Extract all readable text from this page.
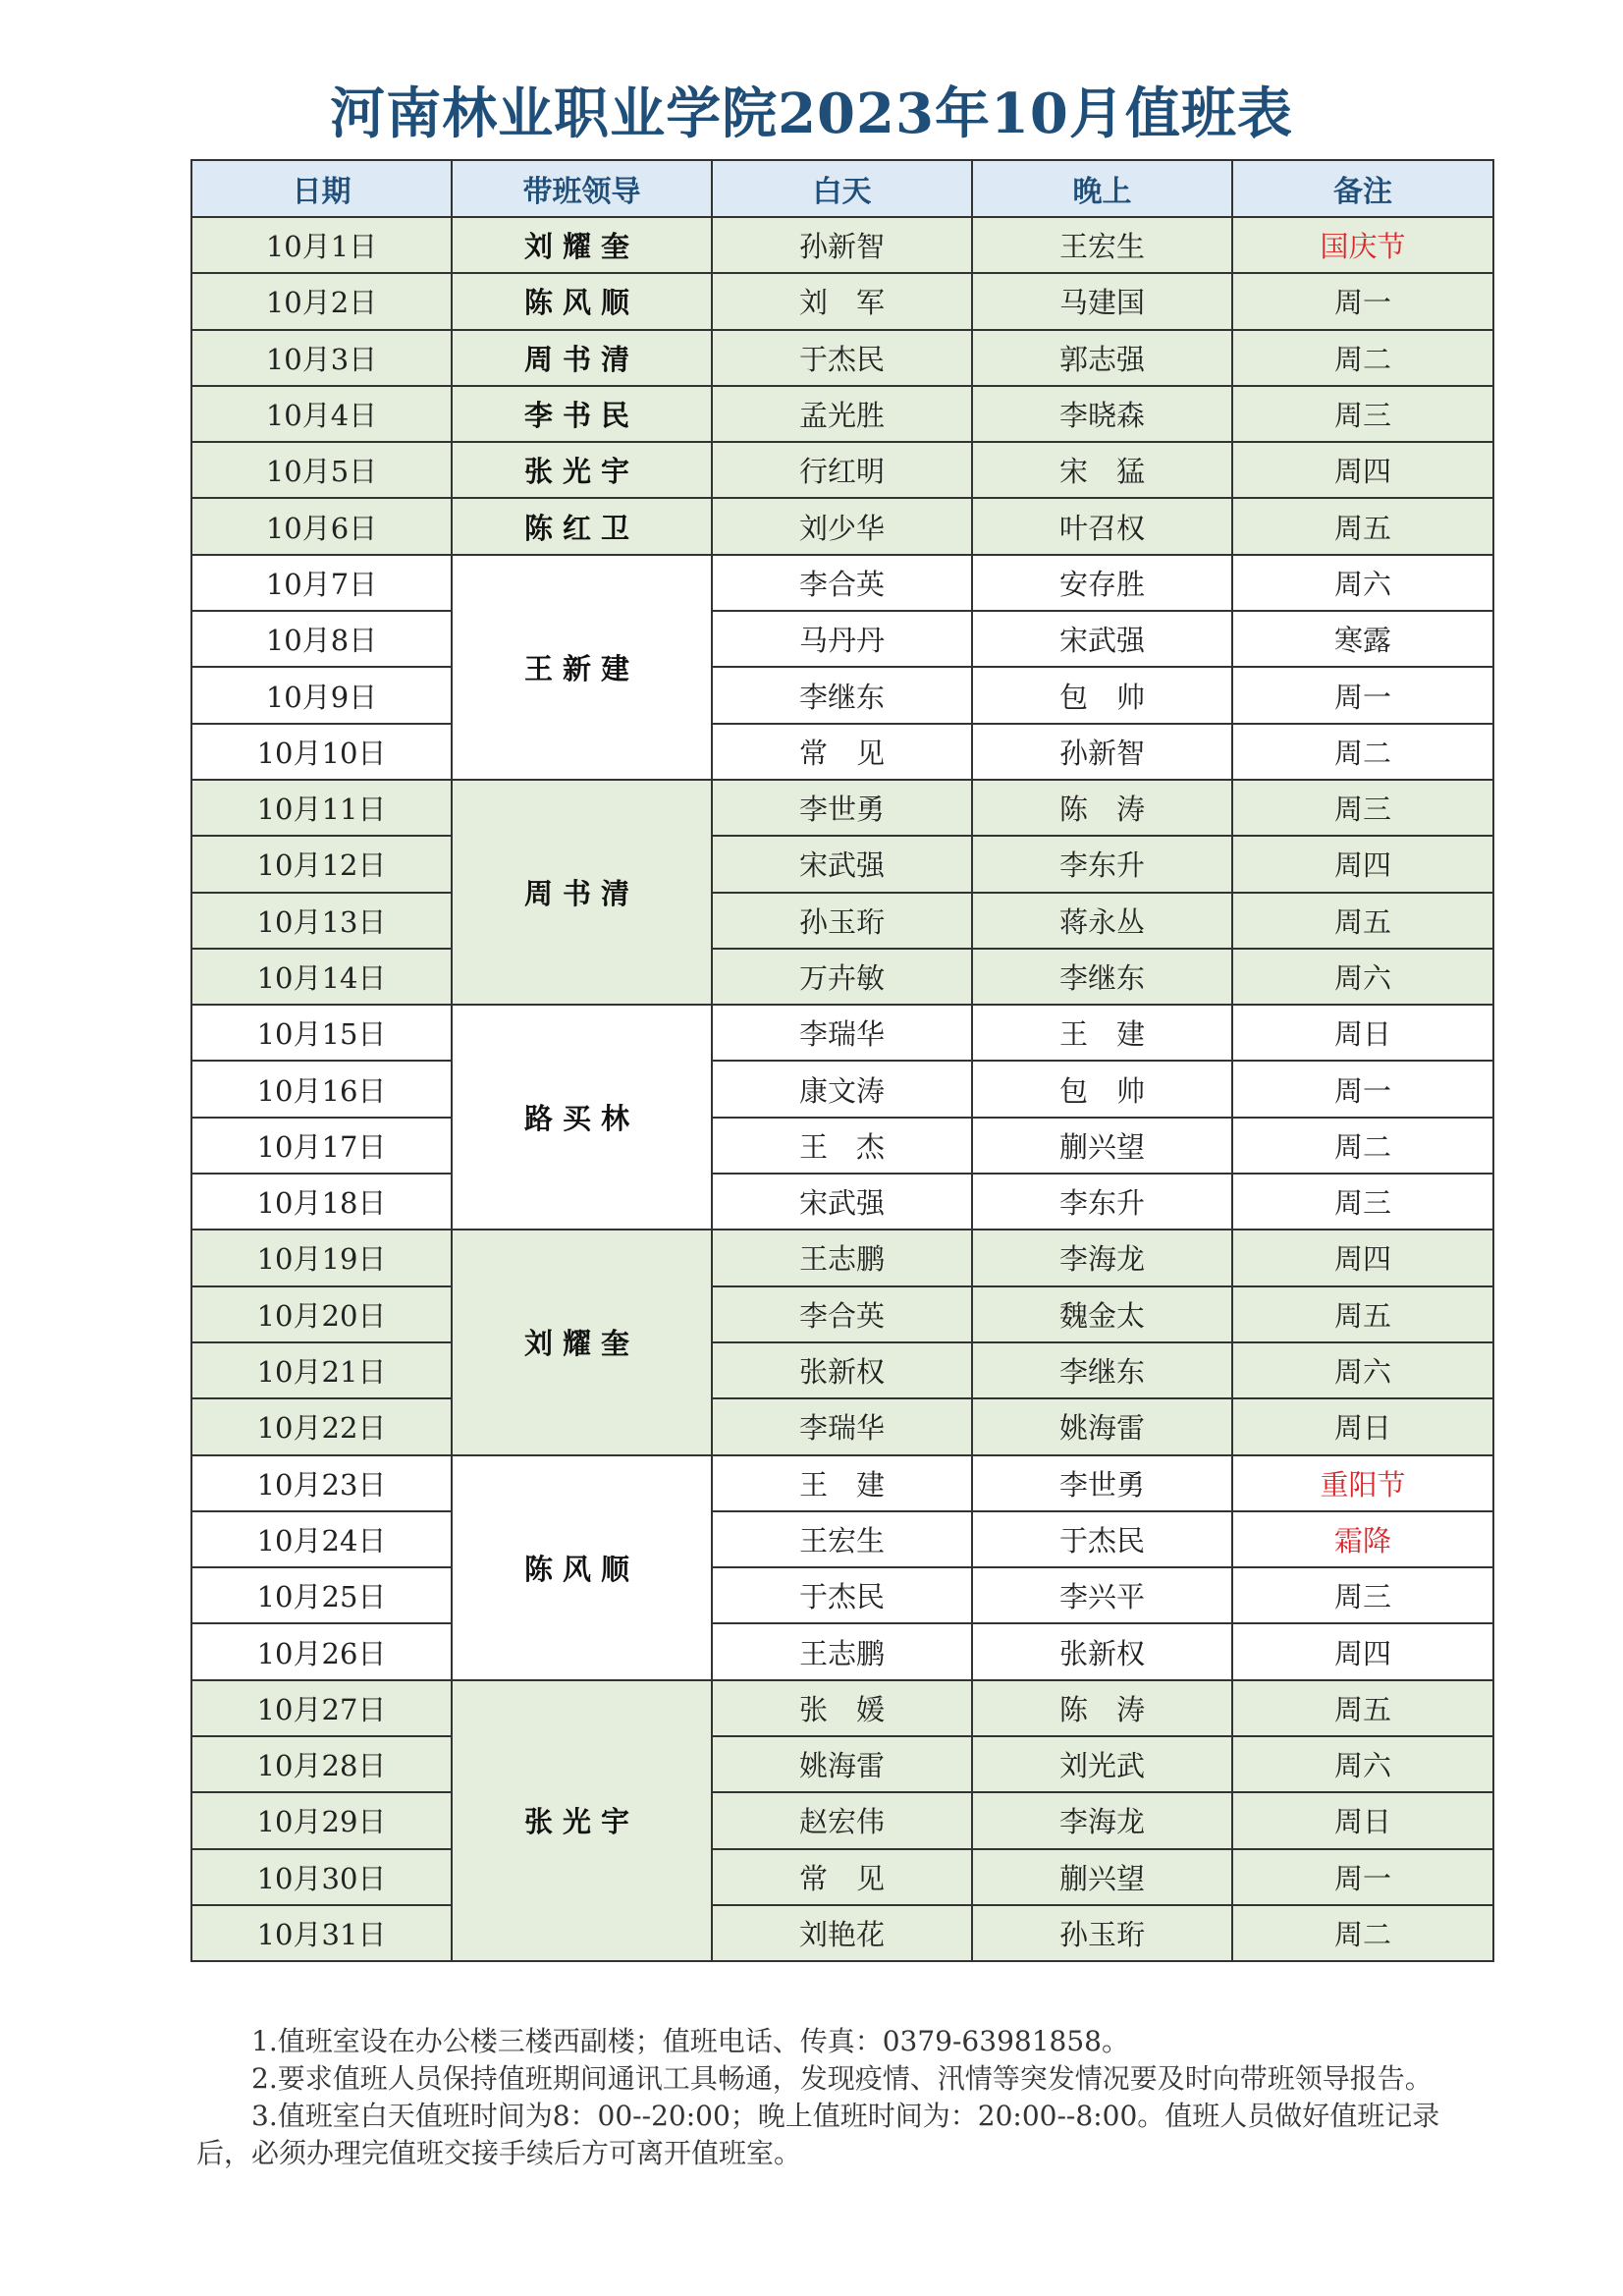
河南林业职业学院2023年10月值班表
日期	带班领导	白天	晚上	备注
10月1日	刘耀奎	孙新智	王宏生	国庆节
10月2日	陈风顺	刘　军	马建国	周一
10月3日	周书清	于杰民	郭志强	周二
10月4日	李书民	孟光胜	李晓森	周三
10月5日	张光宇	行红明	宋　猛	周四
10月6日	陈红卫	刘少华	叶召权	周五
10月7日	王新建	李合英	安存胜	周六
10月8日		马丹丹	宋武强	寒露
10月9日		李继东	包　帅	周一
10月10日		常　见	孙新智	周二
10月11日	周书清	李世勇	陈　涛	周三
10月12日		宋武强	李东升	周四
10月13日		孙玉珩	蒋永丛	周五
10月14日		万卉敏	李继东	周六
10月15日	路买林	李瑞华	王　建	周日
10月16日		康文涛	包　帅	周一
10月17日		王　杰	蒯兴望	周二
10月18日		宋武强	李东升	周三
10月19日	刘耀奎	王志鹏	李海龙	周四
10月20日		李合英	魏金太	周五
10月21日		张新权	李继东	周六
10月22日		李瑞华	姚海雷	周日
10月23日	陈风顺	王　建	李世勇	重阳节
10月24日		王宏生	于杰民	霜降
10月25日		于杰民	李兴平	周三
10月26日		王志鹏	张新权	周四
10月27日	张光宇	张　媛	陈　涛	周五
10月28日		姚海雷	刘光武	周六
10月29日		赵宏伟	李海龙	周日
10月30日		常　见	蒯兴望	周一
10月31日		刘艳花	孙玉珩	周二

1.值班室设在办公楼三楼西副楼；值班电话、传真：0379-63981858。

2.要求值班人员保持值班期间通讯工具畅通，发现疫情、汛情等突发情况要及时向带班领导报告。

3.值班室白天值班时间为8：00--20:00；晚上值班时间为：20:00--8:00。值班人员做好值班记录后，必须办理完值班交接手续后方可离开值班室。
